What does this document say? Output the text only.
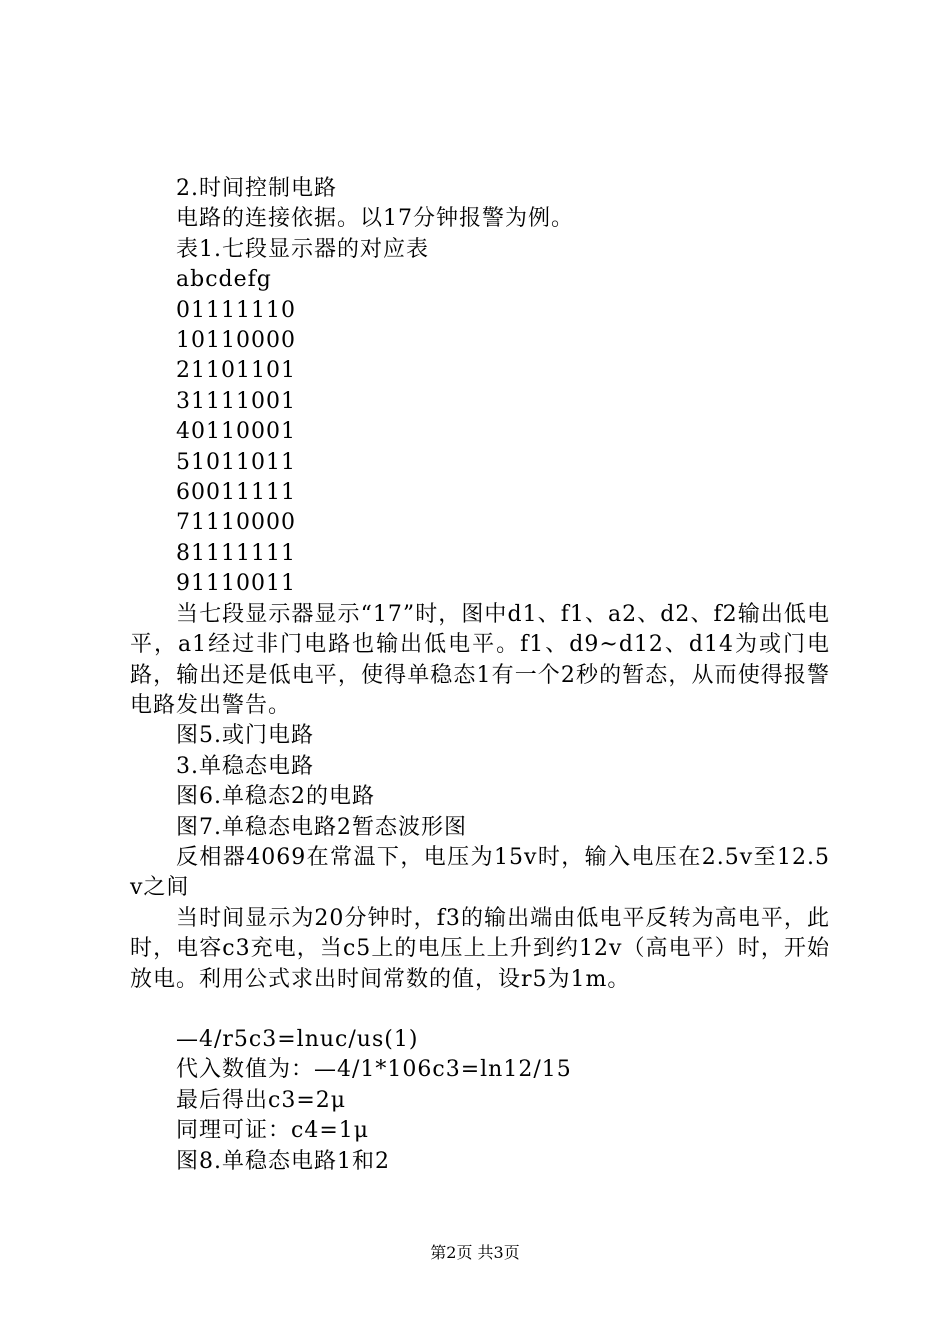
2.时间控制电路

电路的连接依据。以17分钟报警为例。

表1.七段显示器的对应表

abcdefg

01111110

10110000

21101101

31111001

40110001

51011011

60011111

71110000

81111111

91110011

当七段显示器显示“17”时，图中d1、f1、a2、d2、f2输出低电平，a1经过非门电路也输出低电平。f1、d9~d12、d14为或门电路，输出还是低电平，使得单稳态1有一个2秒的暂态，从而使得报警电路发出警告。

图5.或门电路

3.单稳态电路

图6.单稳态2的电路

图7.单稳态电路2暂态波形图

反相器4069在常温下，电压为15v时，输入电压在2.5v至12.5v之间

当时间显示为20分钟时，f3的输出端由低电平反转为高电平，此时，电容c3充电，当c5上的电压上上升到约12v（高电平）时，开始放电。利用公式求出时间常数的值，设r5为1m。

—4/r5c3=lnuc/us(1)

代入数值为：—4/1*106c3=ln12/15

最后得出c3=2μ

同理可证：c4=1μ

图8.单稳态电路1和2

第2页 共3页
